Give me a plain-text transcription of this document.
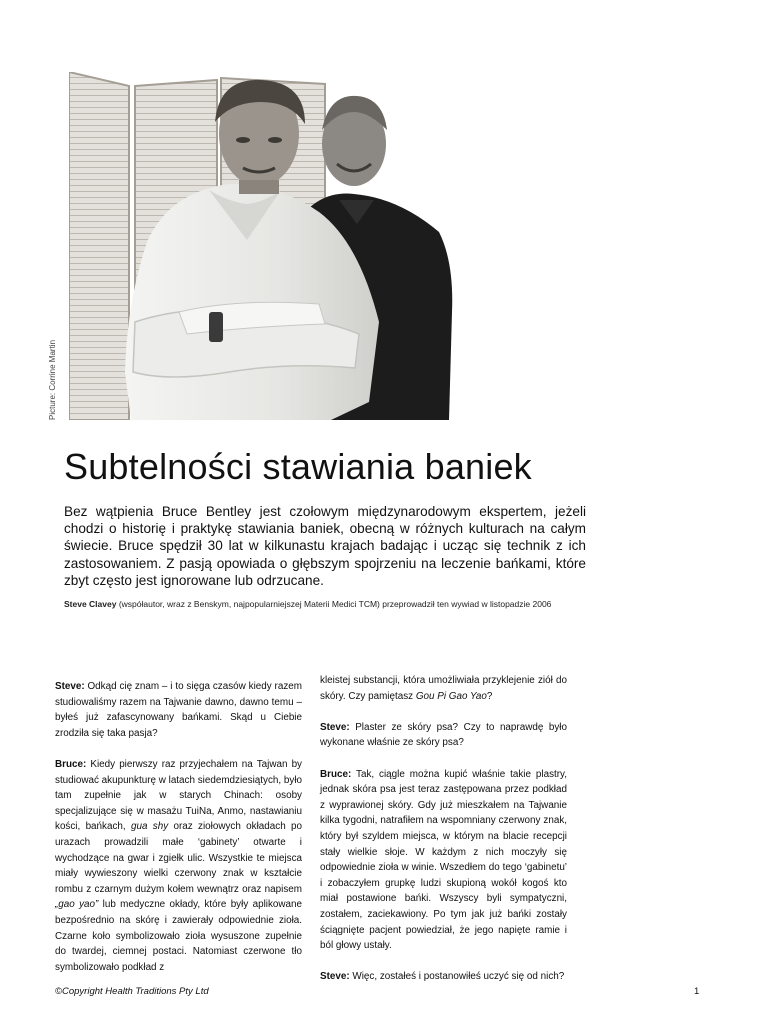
Picture: Corrine Martin
Subtelności stawiania baniek

Bez wątpienia Bruce Bentley jest czołowym międzynarodowym ekspertem, jeżeli chodzi o historię i praktykę stawiania baniek, obecną w różnych kulturach na całym świecie. Bruce spędził 30 lat w kilkunastu krajach badając i ucząc się technik z ich zastosowaniem. Z pasją opowiada o głębszym spojrzeniu na leczenie bańkami, które zbyt często jest ignorowane lub odrzucane.

Steve Clavey (współautor, wraz z Benskym, najpopularniejszej Materii Medici TCM) przeprowadził ten wywiad w listopadzie 2006

Steve: Odkąd cię znam – i to sięga czasów kiedy razem studiowaliśmy razem na Tajwanie dawno, dawno temu – byłeś już zafascynowany bańkami. Skąd u Ciebie zrodziła się taka pasja?

Bruce: Kiedy pierwszy raz przyjechałem na Tajwan by studiować akupunkturę w latach siedemdziesiątych, było tam zupełnie jak w starych Chinach: osoby specjalizujące się w masażu TuiNa, Anmo, nastawianiu kości, bańkach, gua shy oraz ziołowych okładach po urazach prowadzili małe ‘gabinety’ otwarte i wychodzące na gwar i zgiełk ulic. Wszystkie te miejsca miały wywieszony wielki czerwony znak w kształcie rombu z czarnym dużym kołem wewnątrz oraz napisem „gao yao” lub medyczne okłady, które były aplikowane bezpośrednio na skórę i zawierały odpowiednie zioła. Czarne koło symbolizowało zioła wysuszone zupełnie do twardej, ciemnej postaci. Natomiast czerwone tło symbolizowało podkład z

kleistej substancji, która umożliwiała przyklejenie ziół do skóry. Czy pamiętasz Gou Pi Gao Yao?

Steve: Plaster ze skóry psa? Czy to naprawdę było wykonane właśnie ze skóry psa?

Bruce: Tak, ciągle można kupić właśnie takie plastry, jednak skóra psa jest teraz zastępowana przez podkład z wyprawionej skóry. Gdy już mieszkałem na Tajwanie kilka tygodni, natrafiłem na wspomniany czerwony znak, który był szyldem miejsca, w którym na blacie recepcji stały wielkie słoje. W każdym z nich moczyły się odpowiednie zioła w winie. Wszedłem do tego ‘gabinetu’ i zobaczyłem grupkę ludzi skupioną wokół kogoś kto miał postawione bańki. Wszyscy byli sympatyczni, zostałem, zaciekawiony. Po tym jak już bańki zostały ściągnięte pacjent powiedział, że jego napięte ramie i ból głowy ustały.

Steve: Więc, zostałeś i postanowiłeś uczyć się od nich?

©Copyright Health Traditions Pty Ltd	1
